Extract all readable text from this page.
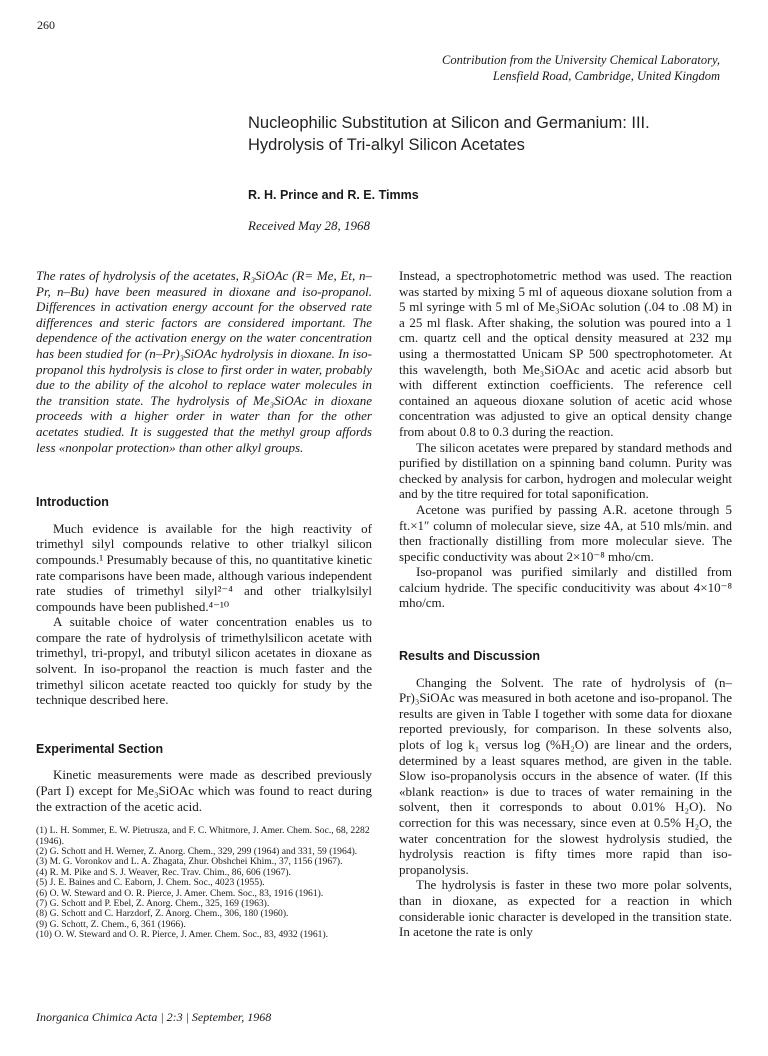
260
Contribution from the University Chemical Laboratory,
Lensfield Road, Cambridge, United Kingdom
Nucleophilic Substitution at Silicon and Germanium: III.
Hydrolysis of Tri-alkyl Silicon Acetates
R. H. Prince and R. E. Timms
Received May 28, 1968

The rates of hydrolysis of the acetates, R₃SiOAc (R= Me, Et, n–Pr, n–Bu) have been measured in dioxane and iso-propanol. Differences in activation energy account for the observed rate differences and steric factors are considered important. The dependence of the activation energy on the water concentration has been studied for (n–Pr)₃SiOAc hydrolysis in dioxane. In iso-propanol this hydrolysis is close to first order in water, probably due to the ability of the alcohol to replace water molecules in the transition state. The hydrolysis of Me₃SiOAc in dioxane proceeds with a higher order in water than for the other acetates studied. It is suggested that the methyl group affords less «nonpolar protection» than other alkyl groups.

Introduction

Much evidence is available for the high reactivity of trimethyl silyl compounds relative to other trialkyl silicon compounds.¹ Presumably because of this, no quantitative kinetic rate comparisons have been made, although various independent rate studies of trimethyl silyl²⁻⁴ and other trialkylsilyl compounds have been published.⁴⁻¹⁰

A suitable choice of water concentration enables us to compare the rate of hydrolysis of trimethylsilicon acetate with trimethyl, tri-propyl, and tributyl silicon acetates in dioxane as solvent. In iso-propanol the reaction is much faster and the trimethyl silicon acetate reacted too quickly for study by the technique described here.

Experimental Section

Kinetic measurements were made as described previously (Part I) except for Me₃SiOAc which was found to react during the extraction of the acetic acid.

(1) L. H. Sommer, E. W. Pietrusza, and F. C. Whitmore, J. Amer. Chem. Soc., 68, 2282 (1946).
(2) G. Schott and H. Werner, Z. Anorg. Chem., 329, 299 (1964) and 331, 59 (1964).
(3) M. G. Voronkov and L. A. Zhagata, Zhur. Obshchei Khim., 37, 1156 (1967).
(4) R. M. Pike and S. J. Weaver, Rec. Trav. Chim., 86, 606 (1967).
(5) J. E. Baines and C. Eaborn, J. Chem. Soc., 4023 (1955).
(6) O. W. Steward and O. R. Pierce, J. Amer. Chem. Soc., 83, 1916 (1961).
(7) G. Schott and P. Ebel, Z. Anorg. Chem., 325, 169 (1963).
(8) G. Schott and C. Harzdorf, Z. Anorg. Chem., 306, 180 (1960).
(9) G. Schott, Z. Chem., 6, 361 (1966).
(10) O. W. Steward and O. R. Pierce, J. Amer. Chem. Soc., 83, 4932 (1961).

Instead, a spectrophotometric method was used. The reaction was started by mixing 5 ml of aqueous dioxane solution from a 5 ml syringe with 5 ml of Me₃SiOAc solution (.04 to .08 M) in a 25 ml flask. After shaking, the solution was poured into a 1 cm. quartz cell and the optical density measured at 232 mμ using a thermostatted Unicam SP 500 spectrophotometer. At this wavelength, both Me₃SiOAc and acetic acid absorb but with different extinction coefficients. The reference cell contained an aqueous dioxane solution of acetic acid whose concentration was adjusted to give an optical density change from about 0.8 to 0.3 during the reaction.

The silicon acetates were prepared by standard methods and purified by distillation on a spinning band column. Purity was checked by analysis for carbon, hydrogen and molecular weight and by the titre required for total saponification.

Acetone was purified by passing A.R. acetone through 5 ft.×1″ column of molecular sieve, size 4A, at 510 mls/min. and then fractionally distilling from more molecular sieve. The specific conductivity was about 2×10⁻⁸ mho/cm.

Iso-propanol was purified similarly and distilled from calcium hydride. The specific conducitivity was about 4×10⁻⁸ mho/cm.

Results and Discussion

Changing the Solvent. The rate of hydrolysis of (n–Pr)₃SiOAc was measured in both acetone and iso-propanol. The results are given in Table I together with some data for dioxane reported previously, for comparison. In these solvents also, plots of log k₁ versus log (%H₂O) are linear and the orders, determined by a least squares method, are given in the table. Slow iso-propanolysis occurs in the absence of water. (If this «blank reaction» is due to traces of water remaining in the solvent, then it corresponds to about 0.01% H₂O). No correction for this was necessary, since even at 0.5% H₂O, the water concentration for the slowest hydrolysis studied, the hydrolysis reaction is fifty times more rapid than iso-propanolysis.

The hydrolysis is faster in these two more polar solvents, than in dioxane, as expected for a reaction in which considerable ionic character is developed in the transition state. In acetone the rate is only

Inorganica Chimica Acta | 2:3 | September, 1968
